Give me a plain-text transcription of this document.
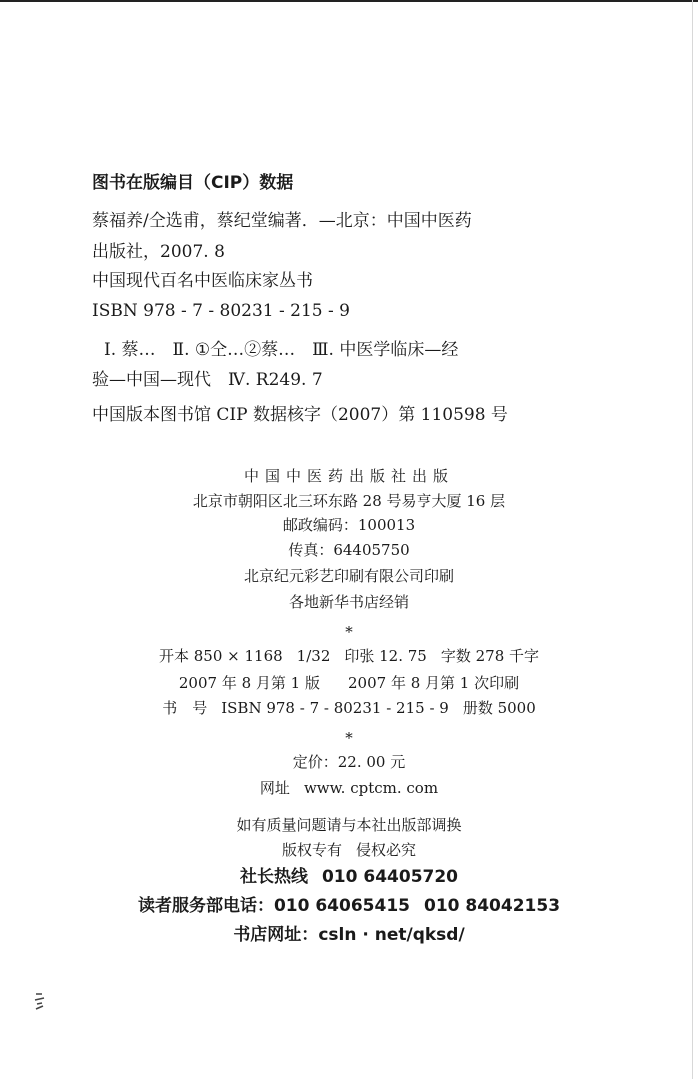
图书在版编目（CIP）数据
蔡福养/仝选甫，蔡纪堂编著．—北京：中国中医药
出版社，2007. 8
中国现代百名中医临床家丛书
ISBN 978 - 7 - 80231 - 215 - 9
Ⅰ. 蔡…　Ⅱ. ①仝…②蔡…　Ⅲ. 中医学临床—经
验—中国—现代　Ⅳ. R249. 7
中国版本图书馆 CIP 数据核字（2007）第 110598 号
中国中医药出版社出版
北京市朝阳区北三环东路 28 号易亨大厦 16 层
邮政编码：100013
传真：64405750
北京纪元彩艺印刷有限公司印刷
各地新华书店经销
*
开本 850 × 1168 1/32 印张 12. 75 字数 278 千字
2007 年 8 月第 1 版 2007 年 8 月第 1 次印刷
书　号 ISBN 978 - 7 - 80231 - 215 - 9 册数 5000
*
定价：22. 00 元
网址 www. cptcm. com
如有质量问题请与本社出版部调换
版权专有 侵权必究
社长热线 010 64405720
读者服务部电话：010 64065415 010 84042153
书店网址：csln · net/qksd/
